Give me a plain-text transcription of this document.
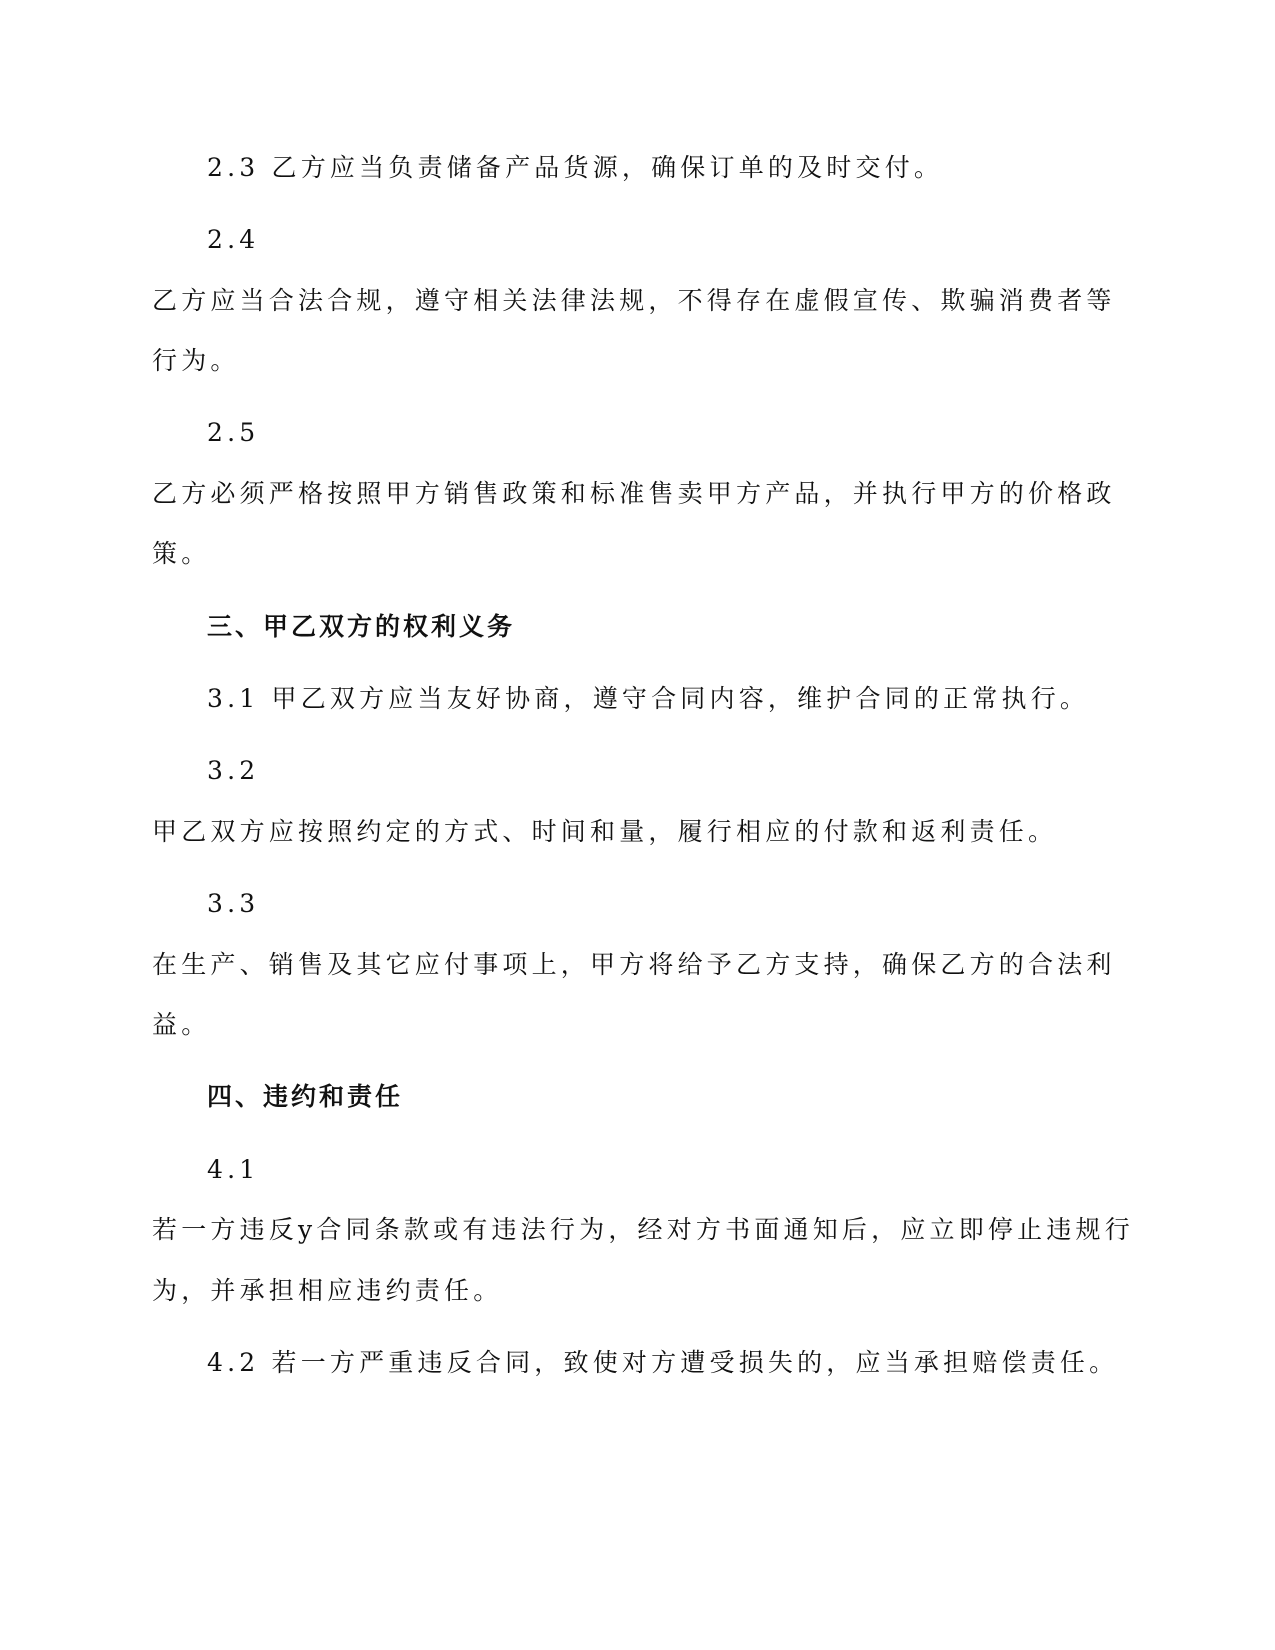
2.3 乙方应当负责储备产品货源，确保订单的及时交付。

2.4

乙方应当合法合规，遵守相关法律法规，不得存在虚假宣传、欺骗消费者等

行为。

2.5

乙方必须严格按照甲方销售政策和标准售卖甲方产品，并执行甲方的价格政

策。

三、甲乙双方的权利义务

3.1 甲乙双方应当友好协商，遵守合同内容，维护合同的正常执行。

3.2

甲乙双方应按照约定的方式、时间和量，履行相应的付款和返利责任。

3.3

在生产、销售及其它应付事项上，甲方将给予乙方支持，确保乙方的合法利

益。

四、违约和责任

4.1

若一方违反y合同条款或有违法行为，经对方书面通知后，应立即停止违规行

为，并承担相应违约责任。

4.2 若一方严重违反合同，致使对方遭受损失的，应当承担赔偿责任。
